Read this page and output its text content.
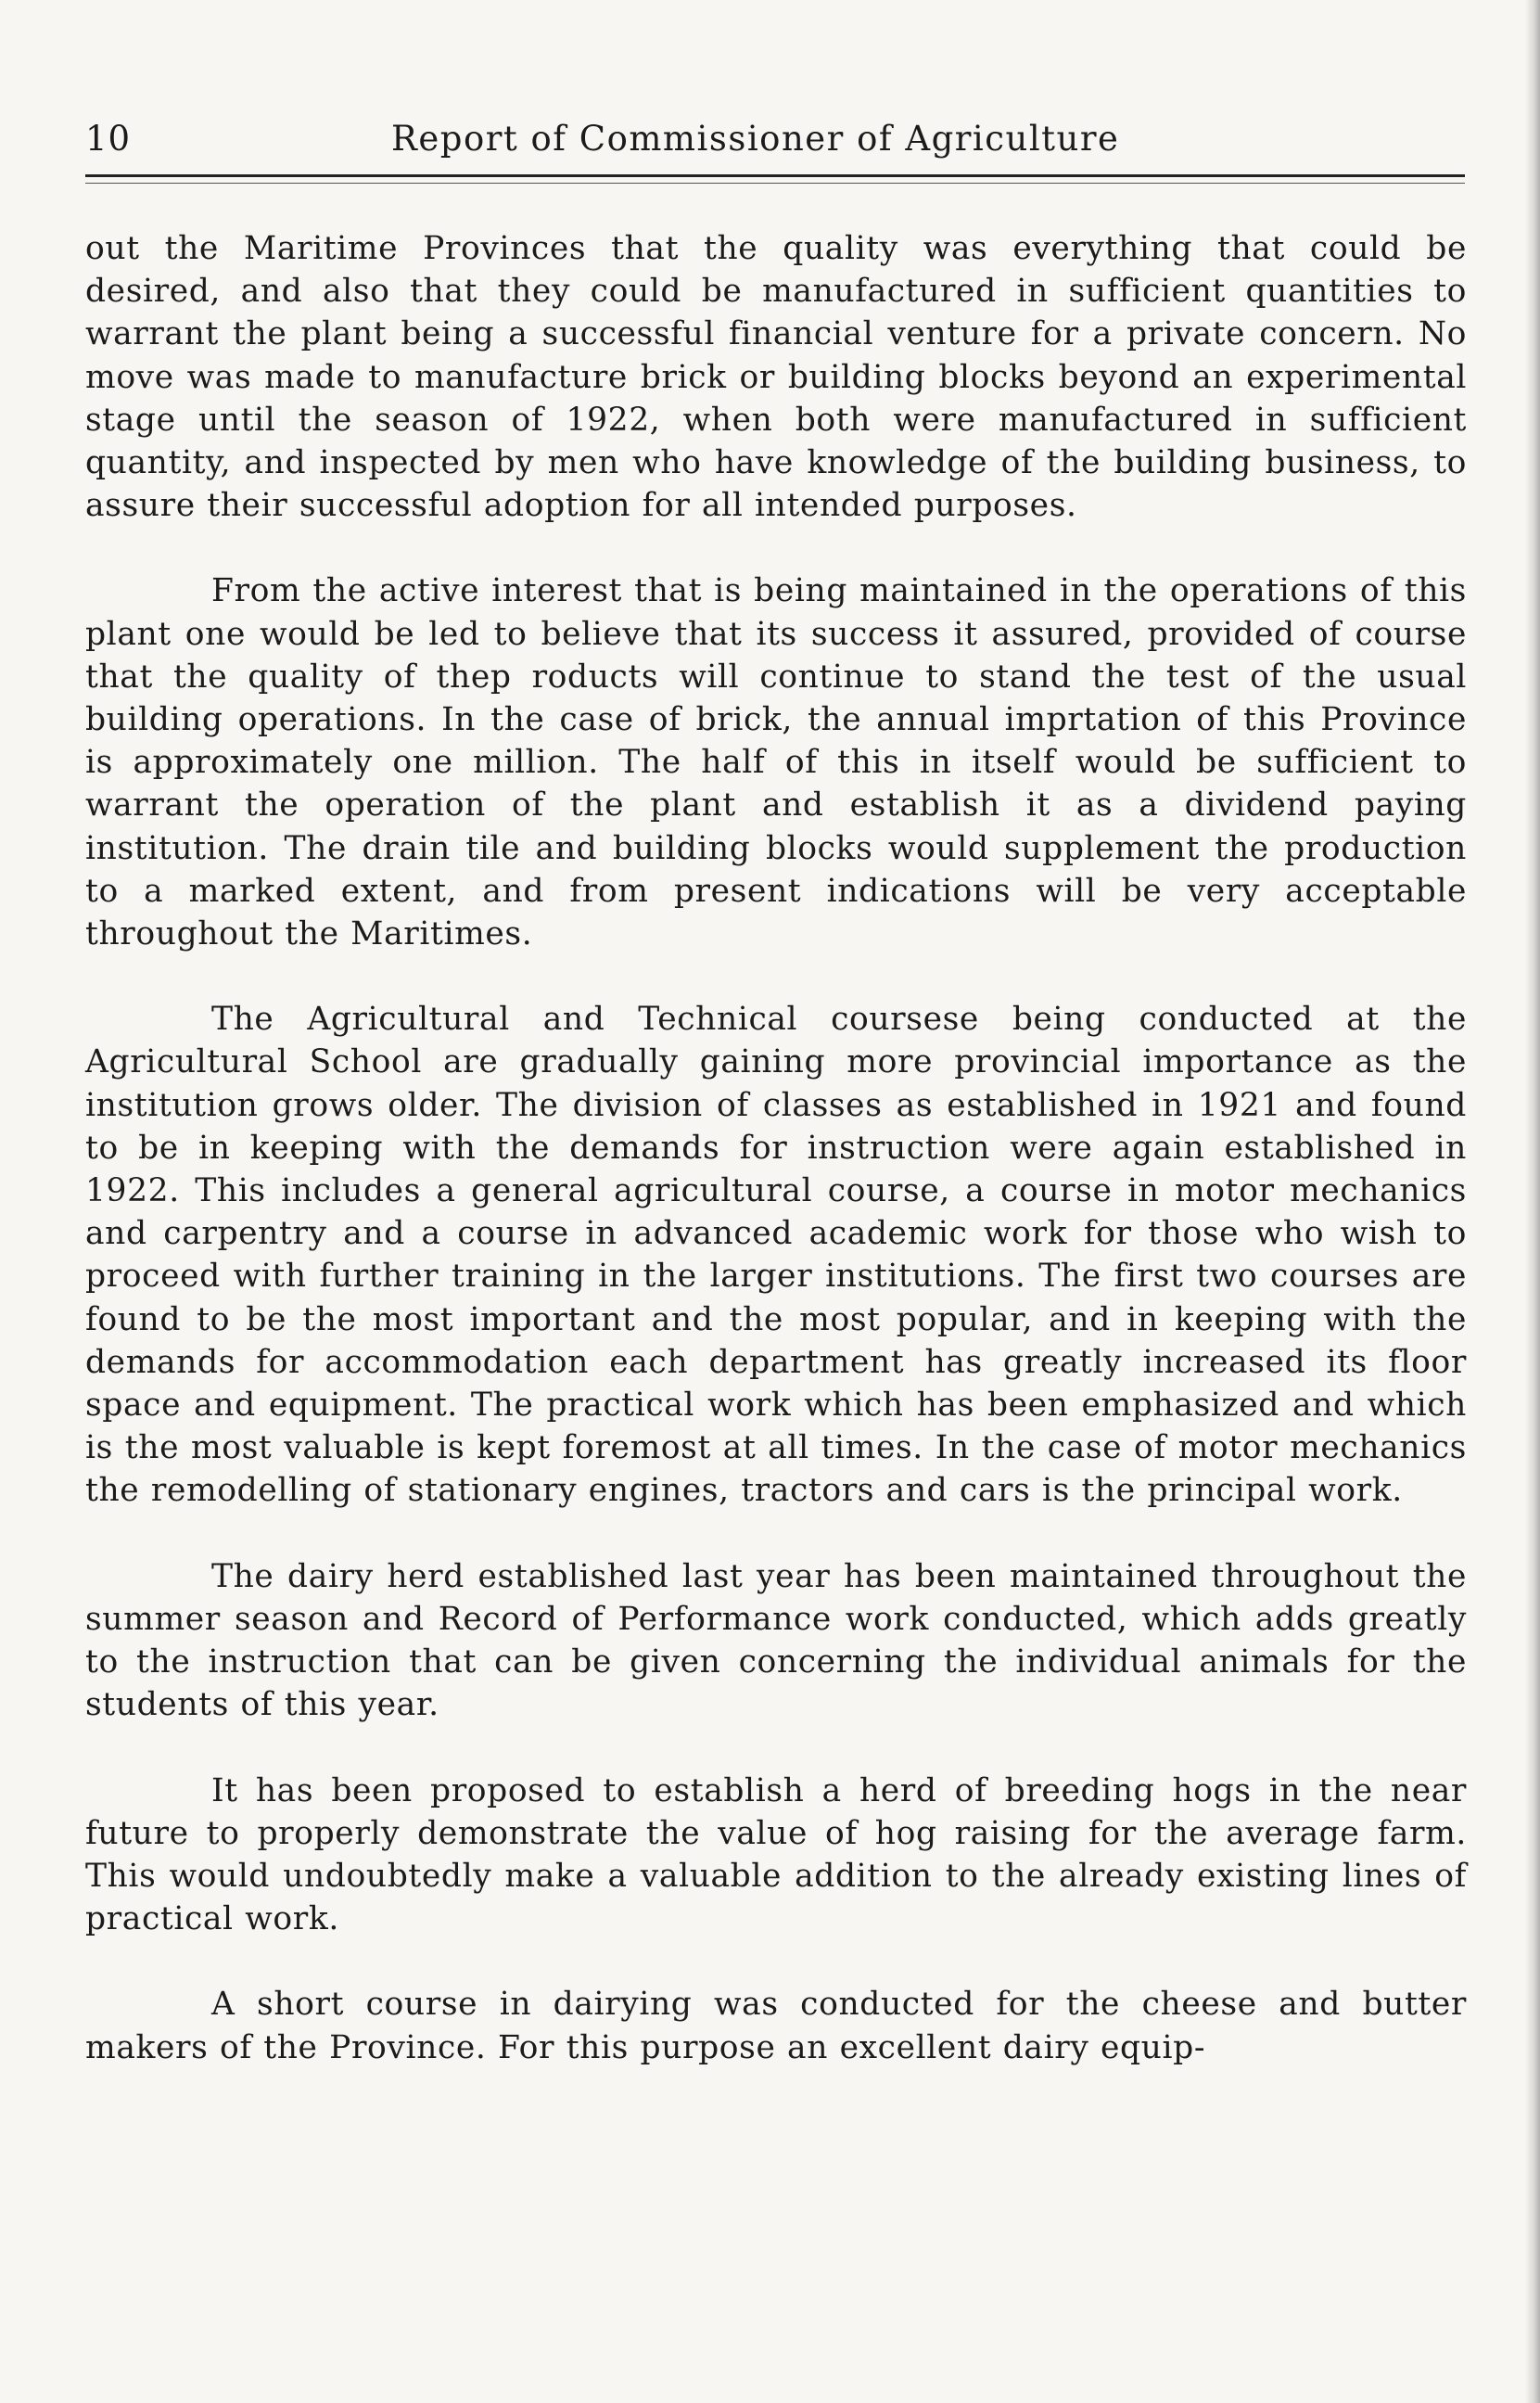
10	Report of Commissioner of Agriculture

out the Maritime Provinces that the quality was everything that could be desired, and also that they could be manufactured in sufficient quantities to warrant the plant being a successful financial venture for a private concern. No move was made to manufacture brick or building blocks beyond an experimental stage until the season of 1922, when both were manufactured in sufficient quantity, and inspected by men who have knowledge of the building business, to assure their successful adoption for all intended purposes.

From the active interest that is being maintained in the operations of this plant one would be led to believe that its success it assured, provided of course that the quality of thep roducts will continue to stand the test of the usual building operations. In the case of brick, the annual imprtation of this Province is approximately one million. The half of this in itself would be sufficient to warrant the operation of the plant and establish it as a dividend paying institution. The drain tile and building blocks would supplement the production to a marked extent, and from present indications will be very acceptable throughout the Maritimes.

The Agricultural and Technical coursese being conducted at the Agricultural School are gradually gaining more provincial importance as the institution grows older. The division of classes as established in 1921 and found to be in keeping with the demands for instruction were again established in 1922. This includes a general agricultural course, a course in motor mechanics and carpentry and a course in advanced academic work for those who wish to proceed with further training in the larger institutions. The first two courses are found to be the most important and the most popular, and in keeping with the demands for accommodation each department has greatly increased its floor space and equipment. The practical work which has been emphasized and which is the most valuable is kept foremost at all times. In the case of motor mechanics the remodelling of stationary engines, tractors and cars is the principal work.

The dairy herd established last year has been maintained throughout the summer season and Record of Performance work conducted, which adds greatly to the instruction that can be given concerning the individual animals for the students of this year.

It has been proposed to establish a herd of breeding hogs in the near future to properly demonstrate the value of hog raising for the average farm. This would undoubtedly make a valuable addition to the already existing lines of practical work.

A short course in dairying was conducted for the cheese and butter makers of the Province. For this purpose an excellent dairy equip-
